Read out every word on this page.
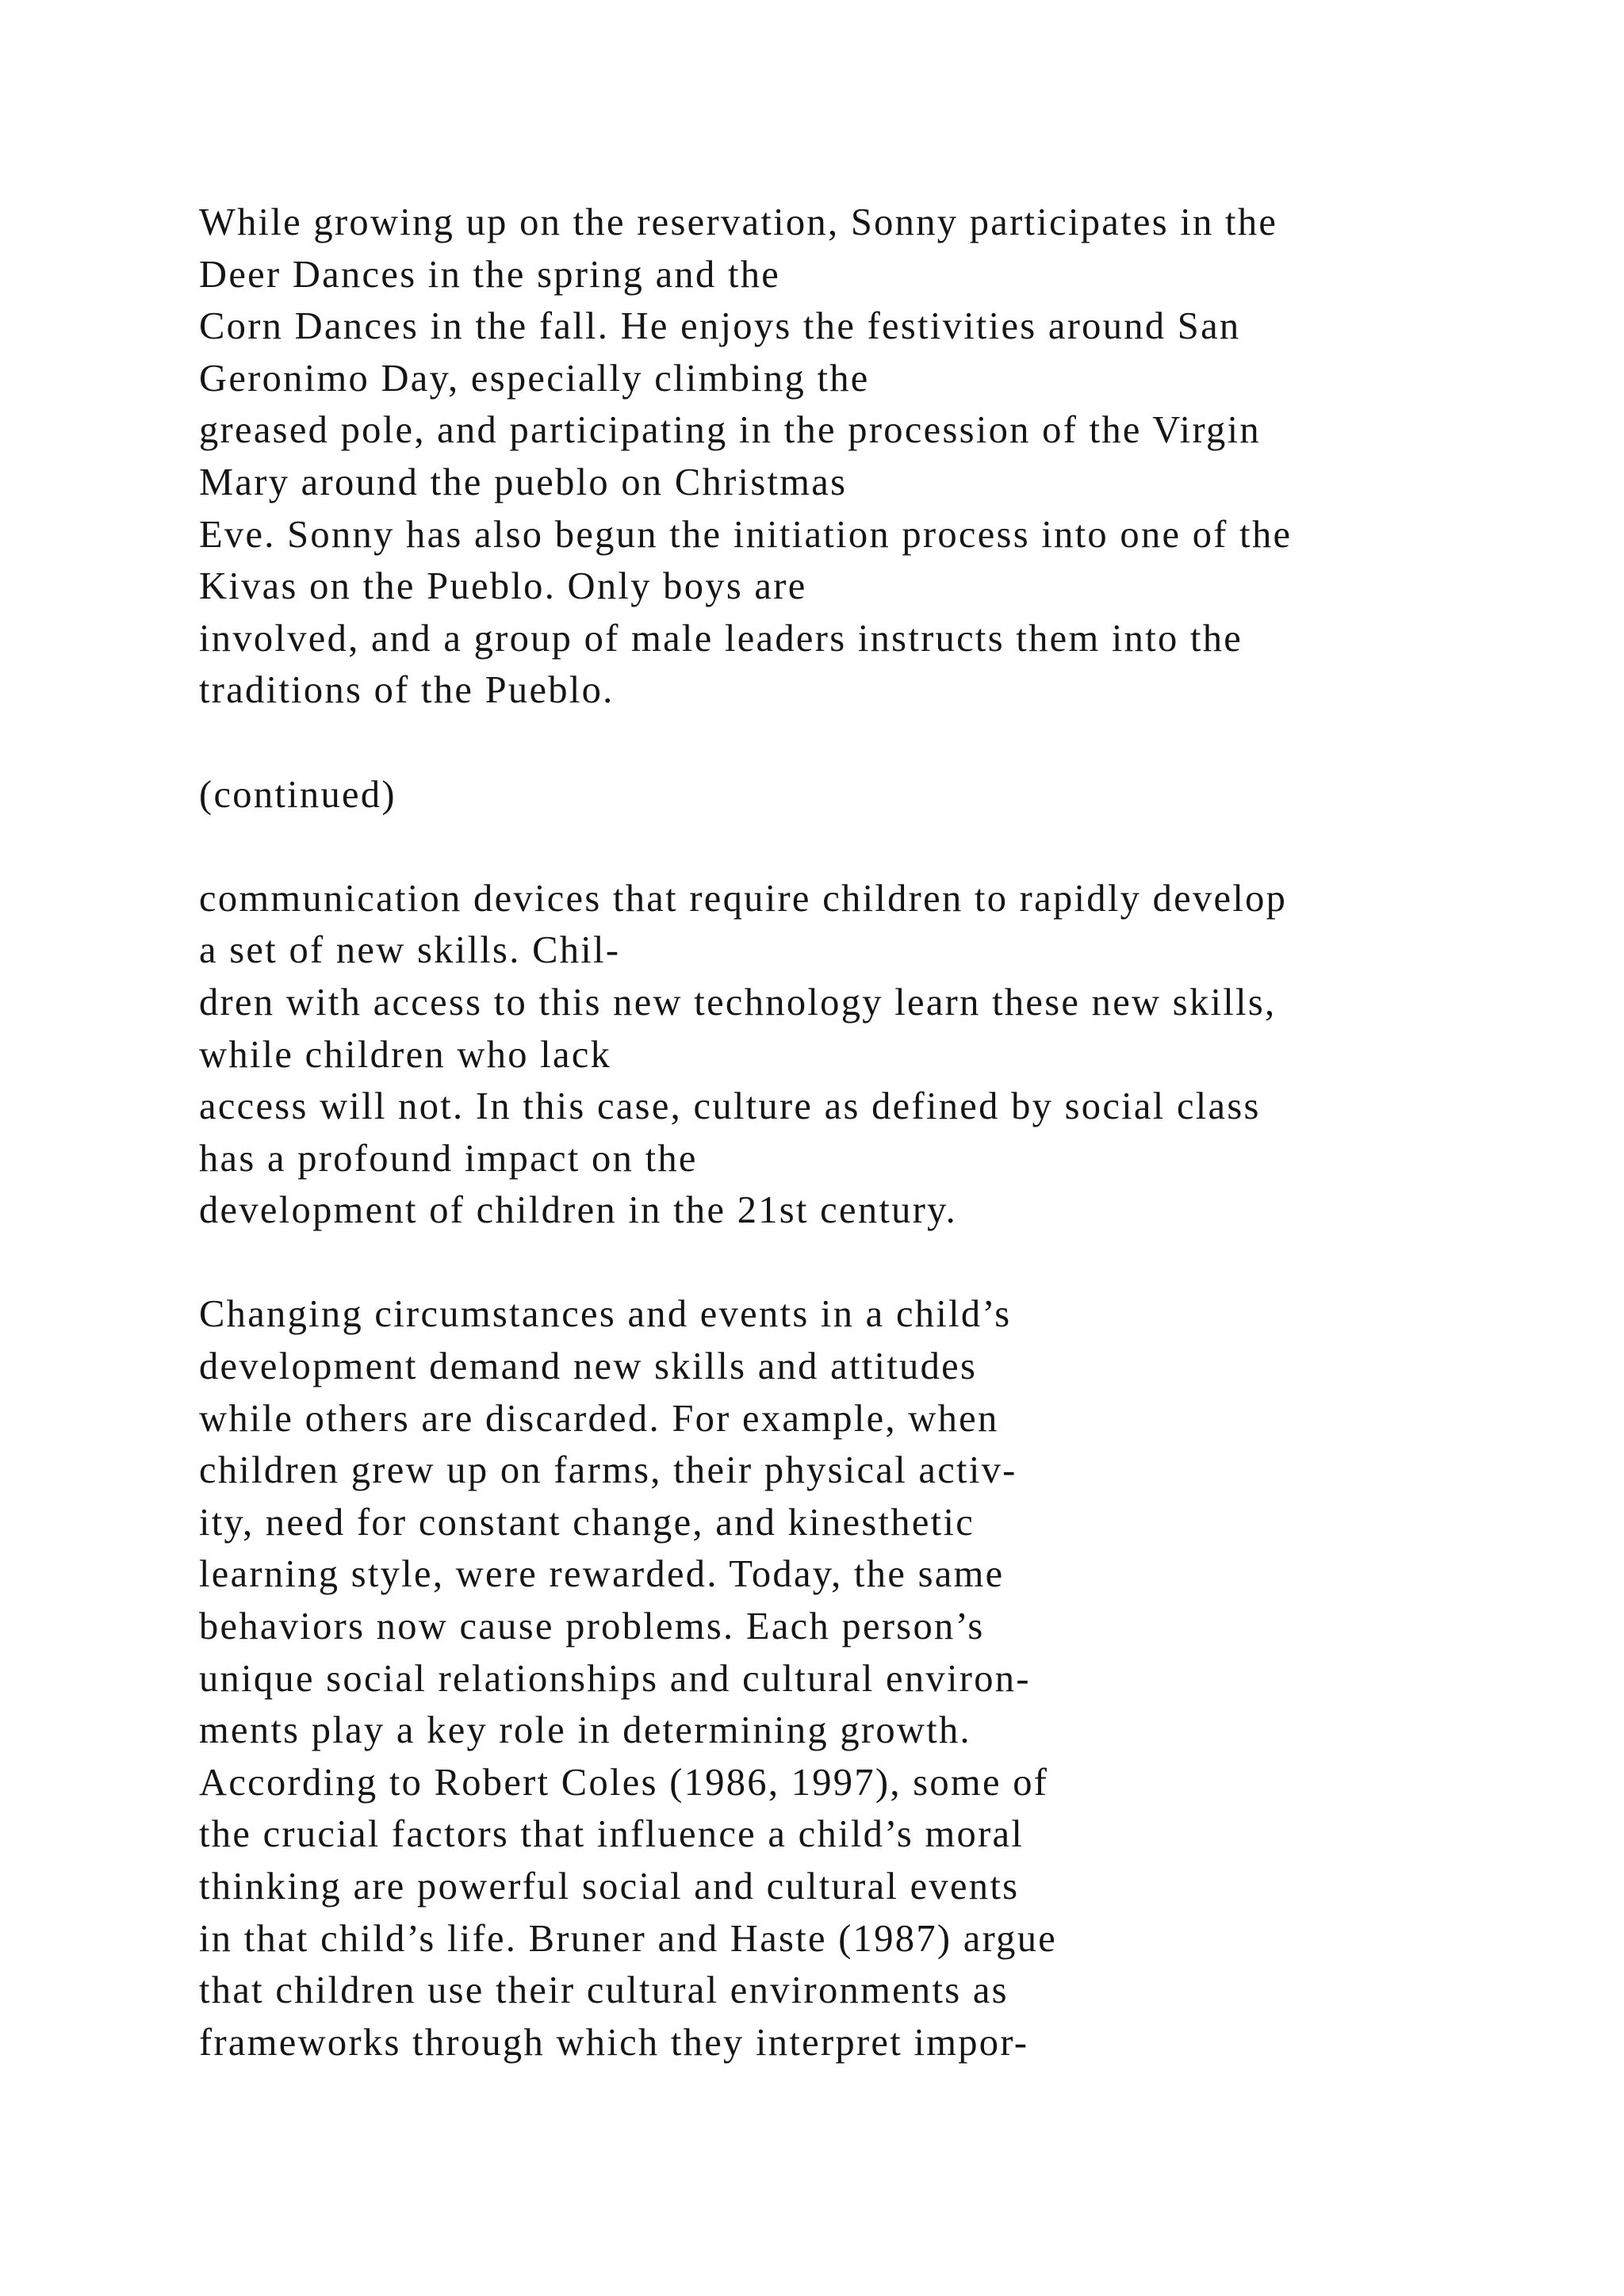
While growing up on the reservation, Sonny participates in the
Deer Dances in the spring and the
Corn Dances in the fall. He enjoys the festivities around San
Geronimo Day, especially climbing the
greased pole, and participating in the procession of the Virgin
Mary around the pueblo on Christmas
Eve. Sonny has also begun the initiation process into one of the
Kivas on the Pueblo. Only boys are
involved, and a group of male leaders instructs them into the
traditions of the Pueblo.
(continued)
communication devices that require children to rapidly develop
a set of new skills. Chil-
dren with access to this new technology learn these new skills,
while children who lack
access will not. In this case, culture as defined by social class
has a profound impact on the
development of children in the 21st century.
Changing circumstances and events in a child’s
development demand new skills and attitudes
while others are discarded. For example, when
children grew up on farms, their physical activ-
ity, need for constant change, and kinesthetic
learning style, were rewarded. Today, the same
behaviors now cause problems. Each person’s
unique social relationships and cultural environ-
ments play a key role in determining growth.
According to Robert Coles (1986, 1997), some of
the crucial factors that influence a child’s moral
thinking are powerful social and cultural events
in that child’s life. Bruner and Haste (1987) argue
that children use their cultural environments as
frameworks through which they interpret impor-
